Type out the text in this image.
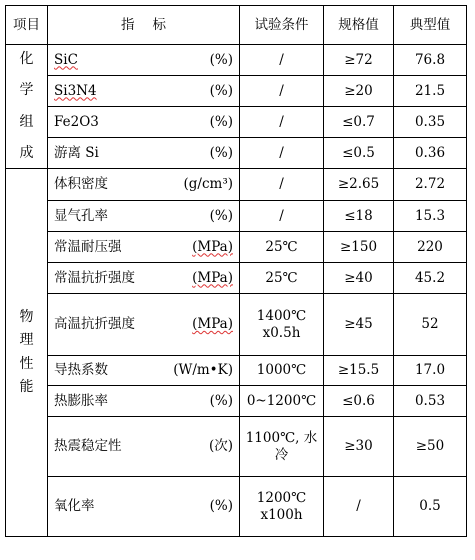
项目	指标	试验条件	规格值	典型值

化
学
组
成	SiC (%)	/	≥72	76.8

	Si3N4 (%)	/	≥20	21.5

	Fe2O3 (%)	/	≤0.7	0.35

	游离 Si (%)	/	≤0.5	0.36

物
理
性
能	体积密度 (g/cm³)	/	≥2.65	2.72

	显气孔率 (%)	/	≤18	15.3

	常温耐压强 (MPa)	25℃	≥150	220

	常温抗折强度 (MPa)	25℃	≥40	45.2

	高温抗折强度 (MPa)	1400℃
x0.5h	≥45	52

	导热系数 (W/m•K)	1000℃	≥15.5	17.0

	热膨胀率 (%)	0~1200℃	≤0.6	0.53

	热震稳定性 (次)	1100℃, 水
冷	≥30	≥50

	氧化率 (%)	1200℃
x100h	/	0.5
